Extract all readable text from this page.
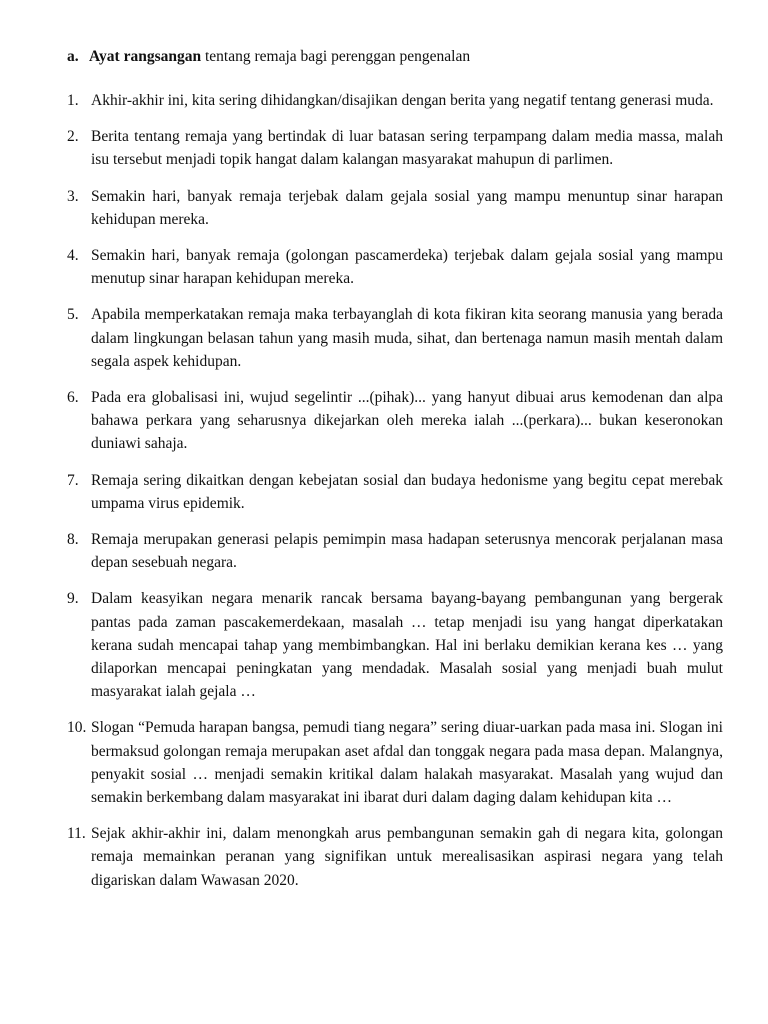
a. Ayat rangsangan tentang remaja bagi perenggan pengenalan
1. Akhir-akhir ini, kita sering dihidangkan/disajikan dengan berita yang negatif tentang generasi muda.
2. Berita tentang remaja yang bertindak di luar batasan sering terpampang dalam media massa, malah isu tersebut menjadi topik hangat dalam kalangan masyarakat mahupun di parlimen.
3. Semakin hari, banyak remaja terjebak dalam gejala sosial yang mampu menuntup sinar harapan kehidupan mereka.
4. Semakin hari, banyak remaja (golongan pascamerdeka) terjebak dalam gejala sosial yang mampu menutup sinar harapan kehidupan mereka.
5. Apabila memperkatakan remaja maka terbayanglah di kota fikiran kita seorang manusia yang berada dalam lingkungan belasan tahun yang masih muda, sihat, dan bertenaga namun masih mentah dalam segala aspek kehidupan.
6. Pada era globalisasi ini, wujud segelintir ...(pihak)... yang hanyut dibuai arus kemodenan dan alpa bahawa perkara yang seharusnya dikejarkan oleh mereka ialah ...(perkara)... bukan keseronokan duniawi sahaja.
7. Remaja sering dikaitkan dengan kebejatan sosial dan budaya hedonisme yang begitu cepat merebak umpama virus epidemik.
8. Remaja merupakan generasi pelapis pemimpin masa hadapan seterusnya mencorak perjalanan masa depan sesebuah negara.
9. Dalam keasyikan negara menarik rancak bersama bayang-bayang pembangunan yang bergerak pantas pada zaman pascakemerdekaan, masalah … tetap menjadi isu yang hangat diperkatakan kerana sudah mencapai tahap yang membimbangkan. Hal ini berlaku demikian kerana kes … yang dilaporkan mencapai peningkatan yang mendadak. Masalah sosial yang menjadi buah mulut masyarakat ialah gejala …
10. Slogan “Pemuda harapan bangsa, pemudi tiang negara” sering diuar-uarkan pada masa ini. Slogan ini bermaksud golongan remaja merupakan aset afdal dan tonggak negara pada masa depan. Malangnya, penyakit sosial … menjadi semakin kritikal dalam halakah masyarakat. Masalah yang wujud dan semakin berkembang dalam masyarakat ini ibarat duri dalam daging dalam kehidupan kita …
11. Sejak akhir-akhir ini, dalam menongkah arus pembangunan semakin gah di negara kita, golongan remaja memainkan peranan yang signifikan untuk merealisasikan aspirasi negara yang telah digariskan dalam Wawasan 2020.
